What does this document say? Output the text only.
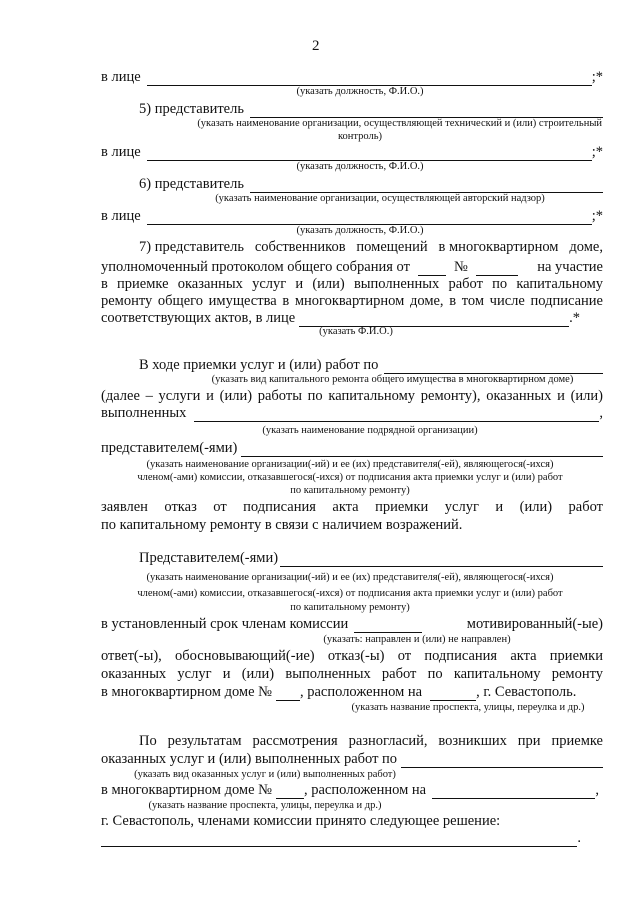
2
в лице	;*
(указать должность, Ф.И.О.)
5) представитель
(указать наименование организации, осуществляющей технический и (или) строительный
контроль)
в лице	;*
(указать должность, Ф.И.О.)
6) представитель
(указать наименование организации, осуществляющей авторский надзор)
в лице	;*
(указать должность, Ф.И.О.)
7) представитель собственников помещений в многоквартирном доме,
уполномоченный протоколом общего собрания от	№	на участие
в приемке оказанных услуг и (или) выполненных работ по капитальному
ремонту общего имущества в многоквартирном доме, в том числе подписание
соответствующих актов, в лице	.*
(указать Ф.И.О.)
В ходе приемки услуг и (или) работ по
(указать вид капитального ремонта общего имущества в многоквартирном доме)
(далее – услуги и (или) работы по капитальному ремонту), оказанных и (или)
выполненных	,
(указать наименование подрядной организации)
представителем(-ями)
(указать наименование организации(-ий) и ее (их) представителя(-ей), являющегося(-ихся)
членом(-ами) комиссии, отказавшегося(-ихся) от подписания акта приемки услуг и (или) работ
по капитальному ремонту)
заявлен отказ от подписания акта приемки услуг и (или) работ
по капитальному ремонту в связи с наличием возражений.
Представителем(-ями)
(указать наименование организации(-ий) и ее (их) представителя(-ей), являющегося(-ихся)
членом(-ами) комиссии, отказавшегося(-ихся) от подписания акта приемки услуг и (или) работ
по капитальному ремонту)
в установленный срок членам комиссии	мотивированный(-ые)
(указать: направлен и (или) не направлен)
ответ(-ы), обосновывающий(-ие) отказ(-ы) от подписания акта приемки
оказанных услуг и (или) выполненных работ по капитальному ремонту
в многоквартирном доме № , расположенном на	, г. Севастополь.
(указать название проспекта, улицы, переулка и др.)
По результатам рассмотрения разногласий, возникших при приемке
оказанных услуг и (или) выполненных работ по
(указать вид оказанных услуг и (или) выполненных работ)
в многоквартирном доме № , расположенном на	,
(указать название проспекта, улицы, переулка и др.)
г. Севастополь, членами комиссии принято следующее решение:
.
